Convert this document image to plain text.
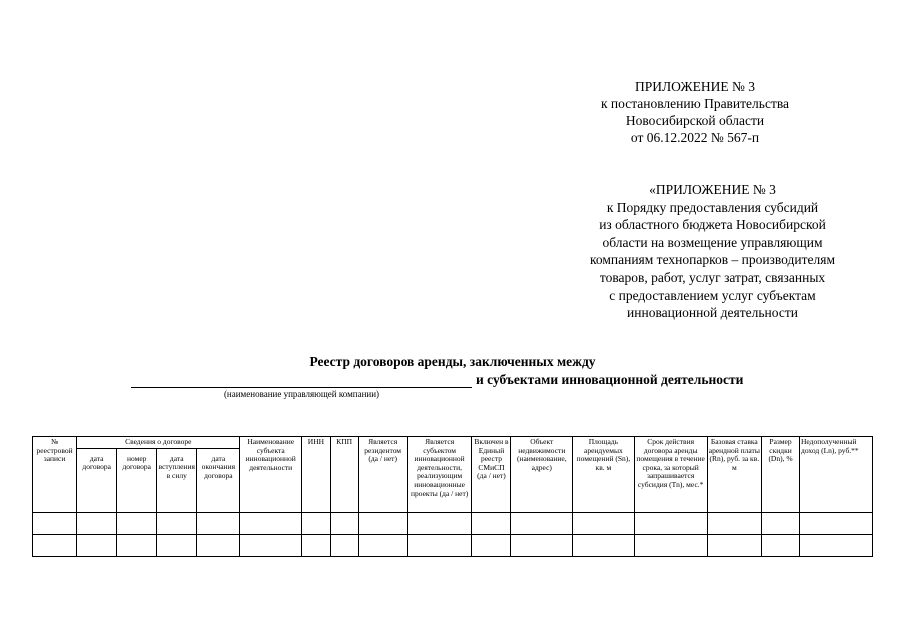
ПРИЛОЖЕНИЕ № 3
к постановлению Правительства
Новосибирской области
от 06.12.2022 № 567-п
«ПРИЛОЖЕНИЕ № 3
к Порядку предоставления субсидий
из областного бюджета Новосибирской
области на возмещение управляющим
компаниям технопарков – производителям
товаров, работ, услуг затрат, связанных
с предоставлением услуг субъектам
инновационной деятельности
Реестр договоров аренды, заключенных между
и субъектами инновационной деятельности
(наименование управляющей компании)
№ реестровой записи	Сведения о договоре				Наименование субъекта инновационной деятельности	ИНН	КПП	Является резидентом (да / нет)	Является субъектом инновационной деятельности, реализующим инновационные проекты (да / нет)	Включен в Единый реестр СМиСП (да / нет)	Объект недвижимости (наименование, адрес)	Площадь арендуемых помещений (Sn), кв. м	Срок действия договора аренды помещения в течение срока, за который запрашивается субсидия (Tn), мес.*	Базовая ставка арендной платы (Rn), руб. за кв. м	Размер скидки (Dn), %	Недополученный доход (Ln), руб.**
	дата договора	номер договора	дата вступления в силу	дата окончания договора												
